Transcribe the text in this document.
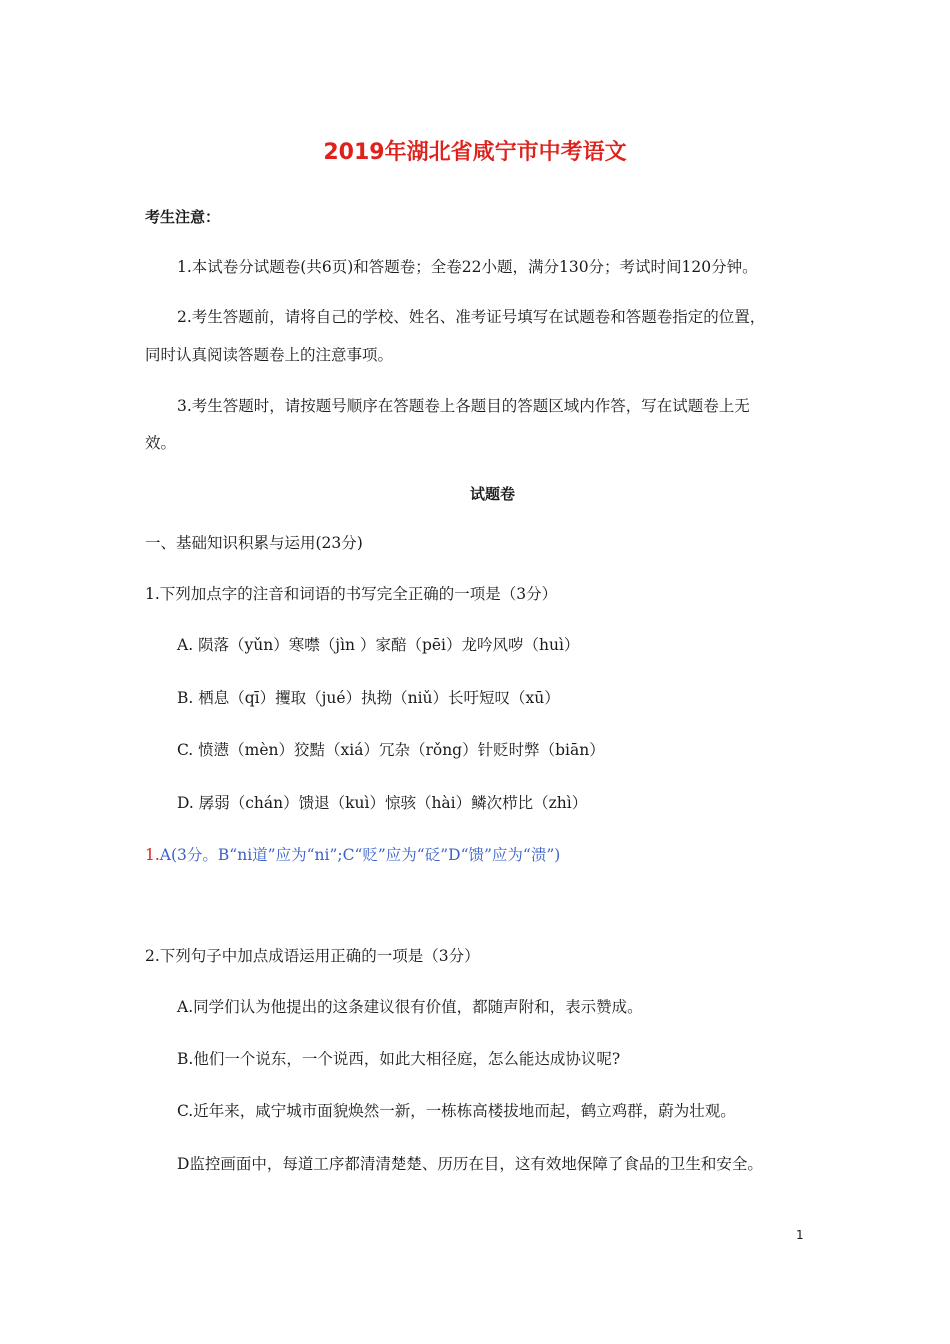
2019年湖北省咸宁市中考语文
考生注意：
1.本试卷分试题卷(共6页)和答题卷；全卷22小题，满分130分；考试时间120分钟。
2.考生答题前，请将自己的学校、姓名、准考证号填写在试题卷和答题卷指定的位置，
同时认真阅读答题卷上的注意事项。
3.考生答题时，请按题号顺序在答题卷上各题目的答题区域内作答，写在试题卷上无
效。
试题卷
一、基础知识积累与运用(23分)
1.下列加点字的注音和词语的书写完全正确的一项是（3分）
A. 陨落（yǔn）寒噤（jìn ）家醅（pēi）龙吟风哕（huì）
B. 栖息（qī）攫取（jué）执拗（niǔ）长吁短叹（xū）
C. 愤懑（mèn）狡黠（xiá）冗杂（rǒng）针贬时弊（biān）
D. 孱弱（chán）馈退（kuì）惊骇（hài）鳞次栉比（zhì）
1.A(3分。B“ni道”应为“ni”;C“贬”应为“砭”D“馈”应为“溃”)
2.下列句子中加点成语运用正确的一项是（3分）
A.同学们认为他提出的这条建议很有价值，都随声附和，表示赞成。
B.他们一个说东，一个说西，如此大相径庭，怎么能达成协议呢?
C.近年来，咸宁城市面貌焕然一新，一栋栋高楼拔地而起，鹤立鸡群，蔚为壮观。
D监控画面中，每道工序都清清楚楚、历历在目，这有效地保障了食品的卫生和安全。
1
